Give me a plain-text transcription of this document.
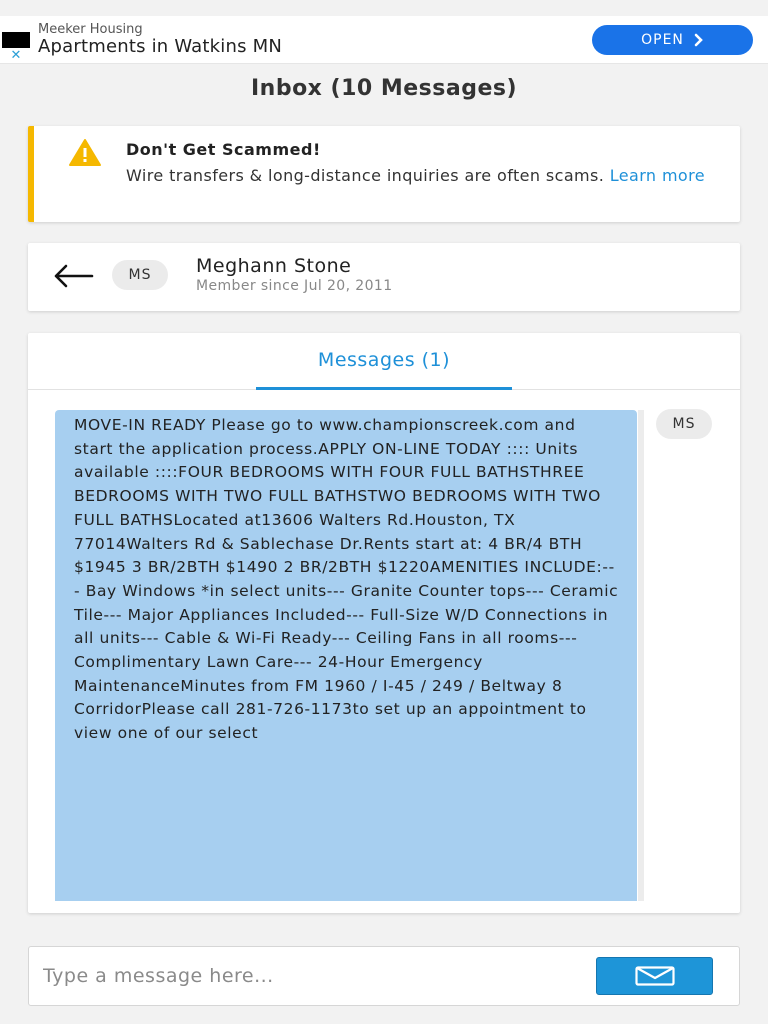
✕
Meeker Housing
Apartments in Watkins MN	OPEN
Inbox (10 Messages)
Don't Get Scammed!
Wire transfers & long-distance inquiries are often scams. Learn more
MS	Meghann Stone
Member since Jul 20, 2011
Messages (1)
MOVE-IN READY Please go to www.championscreek.com and start the application process.APPLY ON-LINE TODAY :::: Units available ::::FOUR BEDROOMS WITH FOUR FULL BATHSTHREE BEDROOMS WITH TWO FULL BATHSTWO BEDROOMS WITH TWO FULL BATHSLocated at13606 Walters Rd.Houston, TX 77014Walters Rd & Sablechase Dr.Rents start at: 4 BR/4 BTH $1945 3 BR/2BTH $1490 2 BR/2BTH $1220AMENITIES INCLUDE:--- Bay Windows *in select units--- Granite Counter tops--- Ceramic Tile--- Major Appliances Included--- Full-Size W/D Connections in all units--- Cable & Wi-Fi Ready--- Ceiling Fans in all rooms--- Complimentary Lawn Care--- 24-Hour Emergency MaintenanceMinutes from FM 1960 / I-45 / 249 / Beltway 8 CorridorPlease call 281-726-1173to set up an appointment to view one of our select
MS
Type a message here...
